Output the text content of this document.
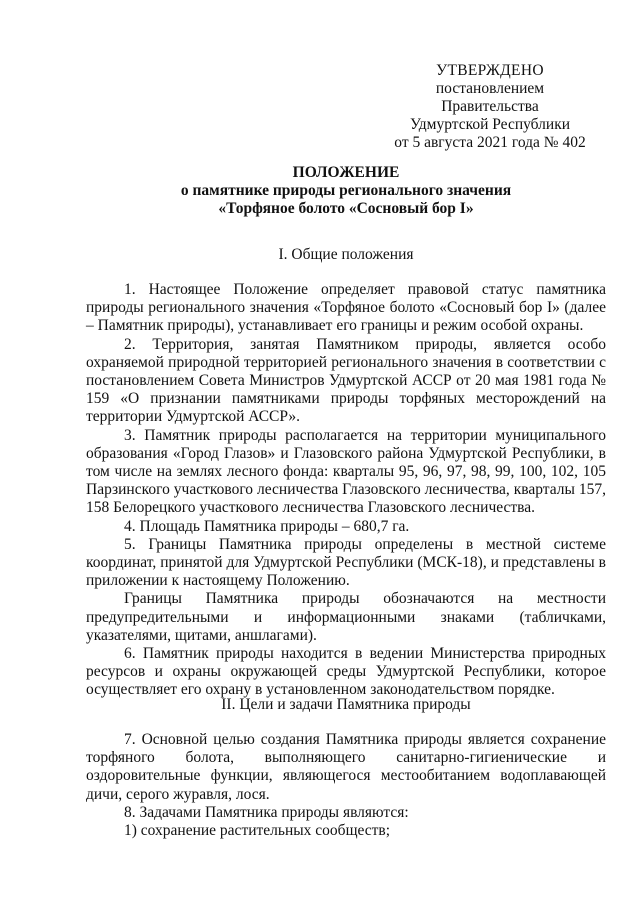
УТВЕРЖДЕНО
постановлением Правительства
Удмуртской Республики
от 5 августа 2021 года № 402
ПОЛОЖЕНИЕ
о памятнике природы регионального значения
«Торфяное болото «Сосновый бор I»
I. Общие положения

1. Настоящее Положение определяет правовой статус памятника природы регионального значения «Торфяное болото «Сосновый бор I» (далее – Памятник природы), устанавливает его границы и режим особой охраны.

2. Территория, занятая Памятником природы, является особо охраняемой природной территорией регионального значения в соответствии с постановлением Совета Министров Удмуртской АССР от 20 мая 1981 года № 159 «О признании памятниками природы торфяных месторождений на территории Удмуртской АССР».

3. Памятник природы располагается на территории муниципального образования «Город Глазов» и Глазовского района Удмуртской Республики, в том числе на землях лесного фонда: кварталы 95, 96, 97, 98, 99, 100, 102, 105 Парзинского участкового лесничества Глазовского лесничества, кварталы 157, 158 Белорецкого участкового лесничества Глазовского лесничества.

4. Площадь Памятника природы – 680,7 га.

5. Границы Памятника природы определены в местной системе координат, принятой для Удмуртской Республики (МСК-18), и представлены в приложении к настоящему Положению.

Границы Памятника природы обозначаются на местности предупредительными и информационными знаками (табличками, указателями, щитами, аншлагами).

6. Памятник природы находится в ведении Министерства природных ресурсов и охраны окружающей среды Удмуртской Республики, которое осуществляет его охрану в установленном законодательством порядке.

II. Цели и задачи Памятника природы

7. Основной целью создания Памятника природы является сохранение торфяного болота, выполняющего санитарно-гигиенические и оздоровительные функции, являющегося местообитанием водоплавающей дичи, серого журавля, лося.

8. Задачами Памятника природы являются:

1) сохранение растительных сообществ;
